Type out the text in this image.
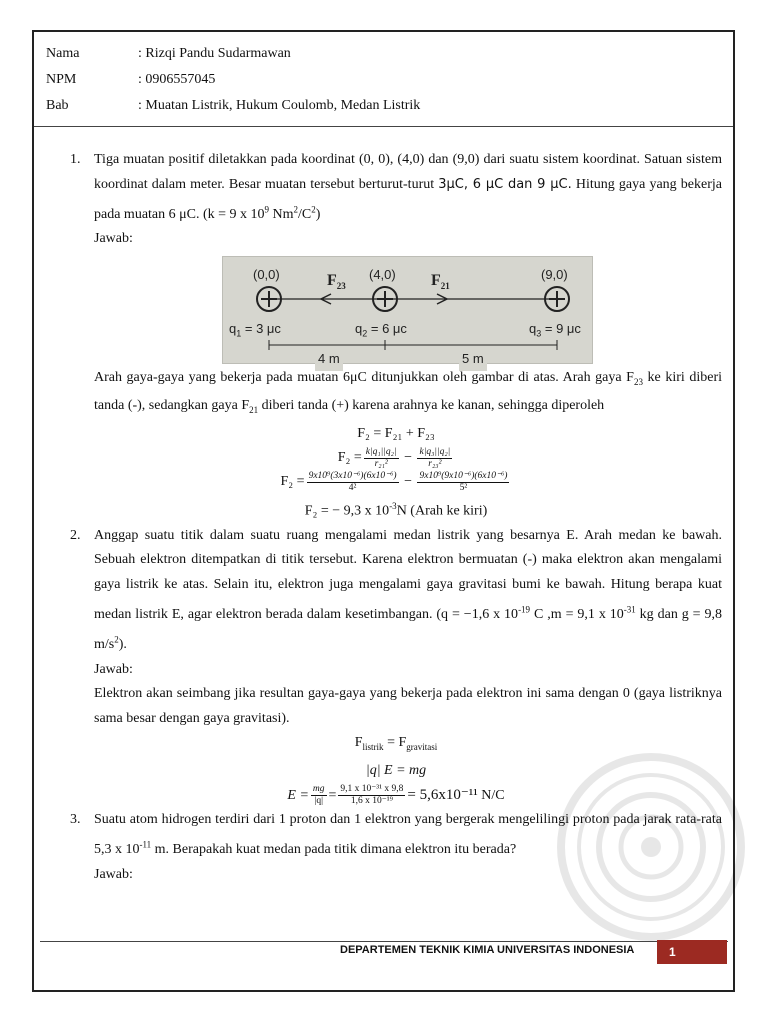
Nama	: Rizqi Pandu Sudarmawan
NPM	: 0906557045
Bab	: Muatan Listrik, Hukum Coulomb, Medan Listrik
1. Tiga muatan positif diletakkan pada koordinat (0, 0), (4,0) dan (9,0) dari suatu sistem koordinat. Satuan sistem koordinat dalam meter. Besar muatan tersebut berturut-turut 3μC, 6 μC dan 9 μC. Hitung gaya yang bekerja pada muatan 6 μC. (k = 9 x $10^9$ $Nm^2/C^2$)
Jawab:
(0,0)	(4,0)	(9,0)
$F_{23}$	$F_{21}$
$q_1 = 3$ μc	$q_2 = 6$ μc	$q_3 = 9$ μc
4 m	5 m
Arah gaya-gaya yang bekerja pada muatan 6μC ditunjukkan oleh gambar di atas. Arah gaya $F_{23}$ ke kiri diberi tanda (-), sedangkan gaya $F_{21}$ diberi tanda (+) karena arahnya ke kanan, sehingga diperoleh
F₂ = F₂₁ + F₂₃
$F_2 = \frac{\text{k|q₁||q₂|}}{\text{r₂₁²}} - \frac{\text{k|q₃||q₂|}}{\text{r₂₃²}}$
$F_2 = \frac{\text{9x10⁹(3x10⁻⁶)(6x10⁻⁶)}}{\text{4²}} - \frac{\text{9x10⁹(9x10⁻⁶)(6x10⁻⁶)}}{\text{5²}}$
F₂ = − 9,3 x $10^{-3}N$ (Arah ke kiri)
2. Anggap suatu titik dalam suatu ruang mengalami medan listrik yang besarnya E. Arah medan ke bawah. Sebuah elektron ditempatkan di titik tersebut. Karena elektron bermuatan (-) maka elektron akan mengalami gaya listrik ke atas. Selain itu, elektron juga mengalami gaya gravitasi bumi ke bawah. Hitung berapa kuat medan listrik E, agar elektron berada dalam kesetimbangan. (q = −1,6 x $10^{-19}$ C ,m = 9,1 x $10^{-31}$ kg dan g = 9,8 $m/s^2$).
Jawab:
Elektron akan seimbang jika resultan gaya-gaya yang bekerja pada elektron ini sama dengan 0 (gaya listriknya sama besar dengan gaya gravitasi).
$F_{listrik} = F_{gravitasi}$
|q| E = mg
$E = \frac{mg}{|q|} = \frac{\text{9,1 x 10⁻³¹ x 9,8}}{\text{1,6 x 10⁻¹⁹}} = 5,6x10^{-11}$ N/C
3. Suatu atom hidrogen terdiri dari 1 proton dan 1 elektron yang bergerak mengelilingi proton pada jarak rata-rata 5,3 x $10^{-11}$ m. Berapakah kuat medan pada titik dimana elektron itu berada?
Jawab:
DEPARTEMEN TEKNIK KIMIA UNIVERSITAS INDONESIA	1
